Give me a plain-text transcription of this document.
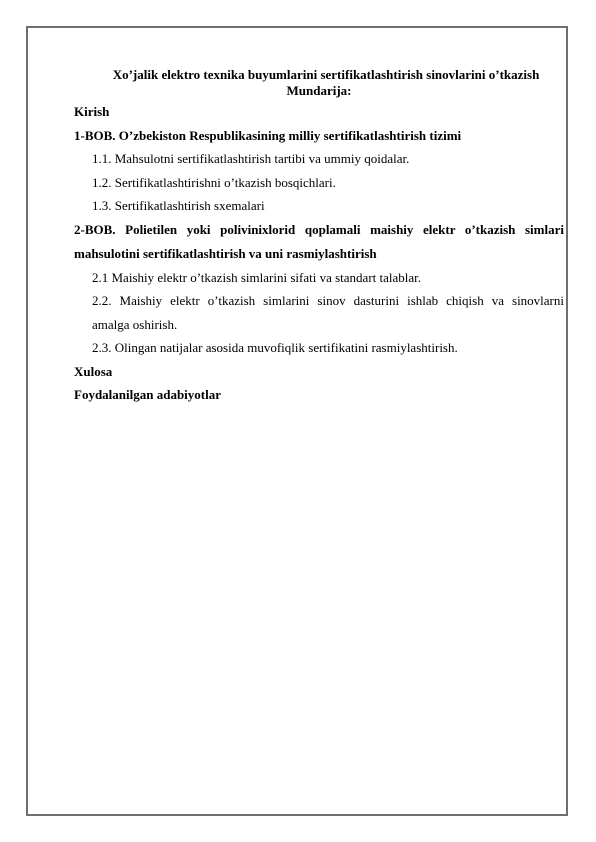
Xo’jalik elektro texnika buyumlarini sertifikatlashtirish sinovlarini o’tkazish

Mundarija:

Kirish

1-BOB. O’zbekiston Respublikasining milliy sertifikatlashtirish tizimi

1.1. Mahsulotni sertifikatlashtirish tartibi va ummiy qoidalar.

1.2. Sertifikatlashtirishni o’tkazish bosqichlari.

1.3. Sertifikatlashtirish sxemalari

2-BOB. Polietilen yoki polivinixlorid qoplamali maishiy elektr o’tkazish simlari
mahsulotini sertifikatlashtirish va uni rasmiylashtirish

2.1 Maishiy elektr o’tkazish simlarini sifati va standart talablar.

2.2. Maishiy elektr o’tkazish simlarini sinov dasturini ishlab chiqish va sinovlarni

amalga oshirish.

2.3. Olingan natijalar asosida muvofiqlik sertifikatini rasmiylashtirish.

Xulosa

Foydalanilgan adabiyotlar
